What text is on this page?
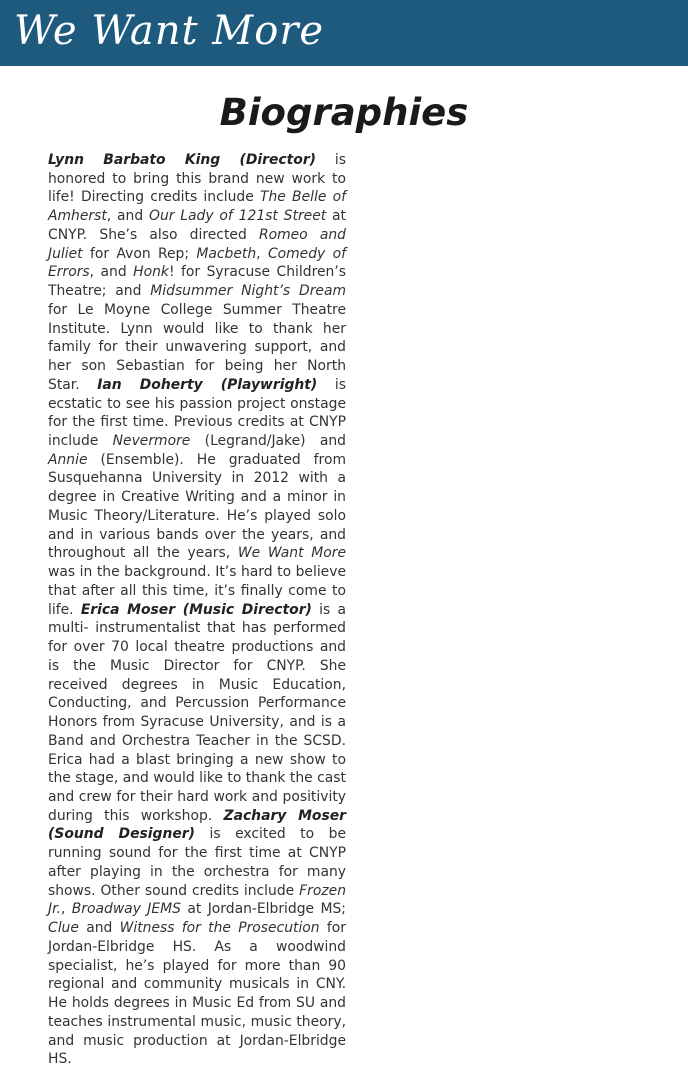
We Want More
Biographies

Lynn Barbato King (Director) is honored to bring this brand new work to life! Directing credits include The Belle of Amherst, and Our Lady of 121st Street at CNYP. She’s also directed Romeo and Juliet for Avon Rep; Macbeth, Comedy of Errors, and Honk! for Syracuse Children’s Theatre; and Midsummer Night’s Dream for Le Moyne College Summer Theatre Institute. Lynn would like to thank her family for their unwavering support, and her son Sebastian for being her North Star. Ian Doherty (Playwright) is ecstatic to see his passion project onstage for the first time. Previous credits at CNYP include Nevermore (Legrand/Jake) and Annie (Ensemble). He graduated from Susquehanna University in 2012 with a degree in Creative Writing and a minor in Music Theory/Literature. He’s played solo and in various bands over the years, and throughout all the years, We Want More was in the background. It’s hard to believe that after all this time, it’s finally come to life. Erica Moser (Music Director) is a multi- instrumentalist that has performed for over 70 local theatre productions and is the Music Director for CNYP. She received degrees in Music Education, Conducting, and Percussion Performance Honors from Syracuse University, and is a Band and Orchestra Teacher in the SCSD. Erica had a blast bringing a new show to the stage, and would like to thank the cast and crew for their hard work and positivity during this workshop. Zachary Moser (Sound Designer) is excited to be running sound for the first time at CNYP after playing in the orchestra for many shows. Other sound credits include Frozen Jr., Broadway JEMS at Jordan-Elbridge MS; Clue and Witness for the Prosecution for Jordan-Elbridge HS. As a woodwind specialist, he’s played for more than 90 regional and community musicals in CNY. He holds degrees in Music Ed from SU and teaches instrumental music, music theory, and music production at Jordan-Elbridge HS.
